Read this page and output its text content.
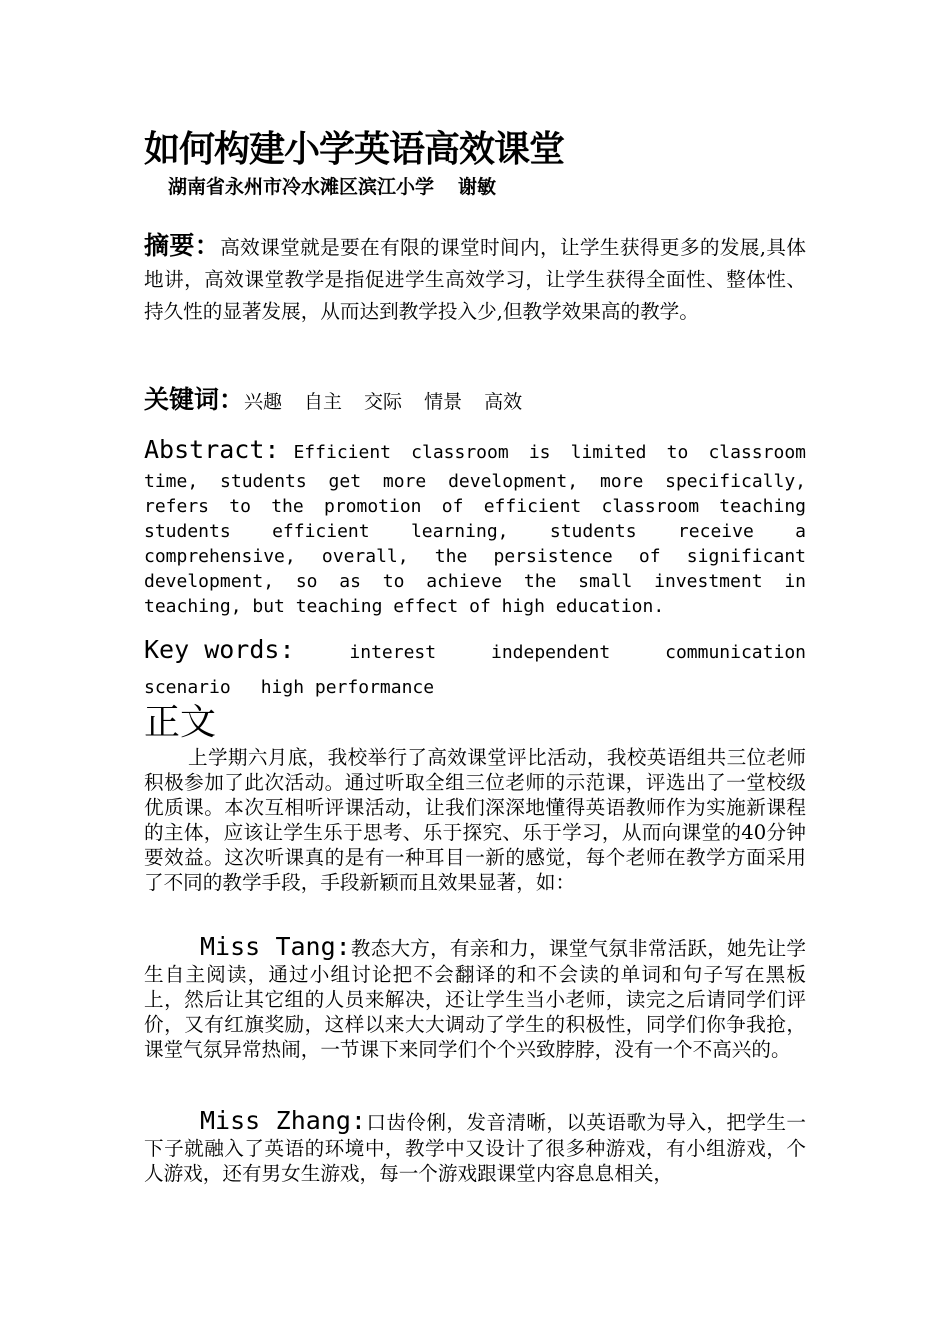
如何构建小学英语高效课堂
湖南省永州市冷水滩区滨江小学 谢敏
摘要：高效课堂就是要在有限的课堂时间内，让学生获得更多的发展,具体地讲，高效课堂教学是指促进学生高效学习，让学生获得全面性、整体性、持久性的显著发展，从而达到教学投入少,但教学效果高的教学。
关键词：兴趣 自主 交际 情景 高效
Abstract: Efficient classroom is limited to classroom
time, students get more development, more specifically, refers to the promotion of efficient classroom teaching students efficient learning, students receive a comprehensive, overall, the persistence of significant development, so as to achieve the small investment in teaching, but teaching effect of high education.
Key words:	interest	independent	communication
scenario high performance
正文
上学期六月底，我校举行了高效课堂评比活动，我校英语组共三位老师积极参加了此次活动。通过听取全组三位老师的示范课，评选出了一堂校级优质课。本次互相听评课活动，让我们深深地懂得英语教师作为实施新课程的主体，应该让学生乐于思考、乐于探究、乐于学习，从而向课堂的40分钟要效益。这次听课真的是有一种耳目一新的感觉，每个老师在教学方面采用了不同的教学手段，手段新颖而且效果显著，如：
Miss Tang:教态大方，有亲和力，课堂气氛非常活跃，她先让学生自主阅读，通过小组讨论把不会翻译的和不会读的单词和句子写在黑板上，然后让其它组的人员来解决，还让学生当小老师，读完之后请同学们评价，又有红旗奖励，这样以来大大调动了学生的积极性，同学们你争我抢，课堂气氛异常热闹，一节课下来同学们个个兴致脖脖，没有一个不高兴的。
Miss Zhang:口齿伶俐，发音清晰，以英语歌为导入，把学生一下子就融入了英语的环境中，教学中又设计了很多种游戏，有小组游戏，个人游戏，还有男女生游戏，每一个游戏跟课堂内容息息相关，
